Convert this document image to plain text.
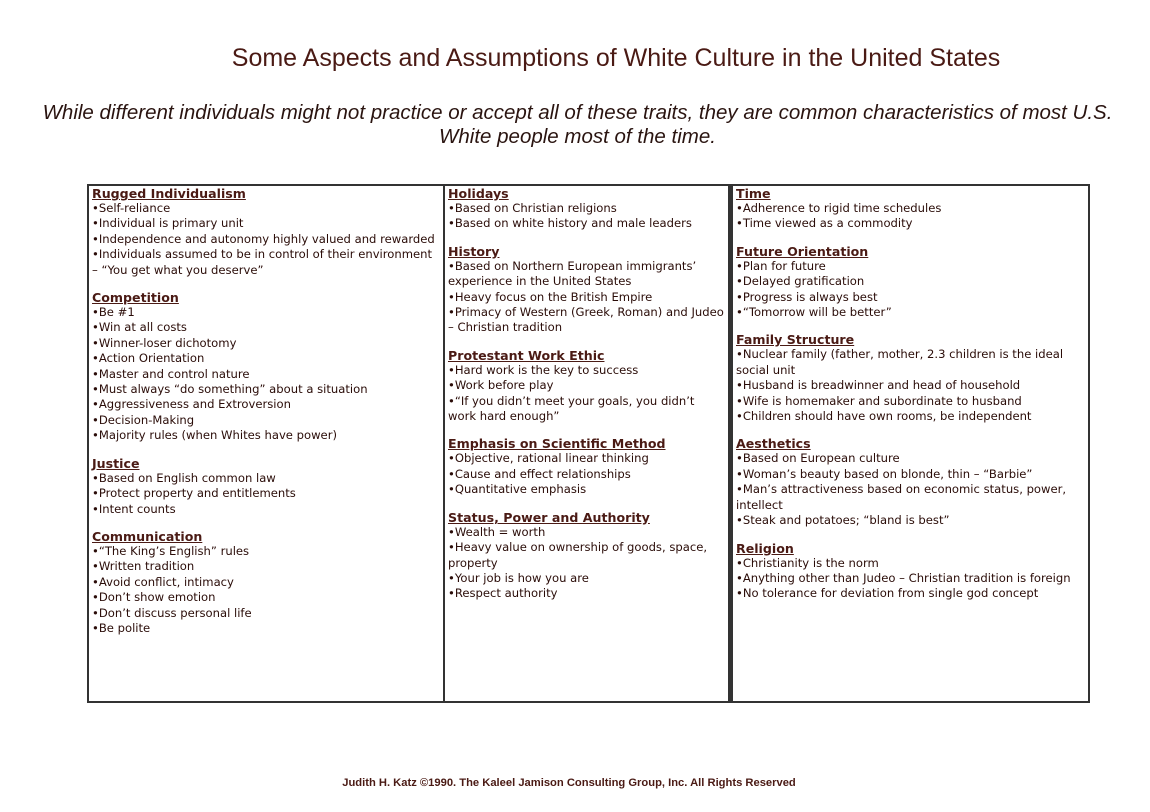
Some Aspects and Assumptions of White Culture in the United States
While different individuals might not practice or accept all of these traits, they are common characteristics of most U.S. White people most of the time.
Rugged Individualism
•Self-reliance
•Individual is primary unit
•Independence and autonomy highly valued and rewarded
•Individuals assumed to be in control of their environment – “You get what you deserve”
Competition
•Be #1
•Win at all costs
•Winner-loser dichotomy
•Action Orientation
•Master and control nature
•Must always “do something” about a situation
•Aggressiveness and Extroversion
•Decision-Making
•Majority rules (when Whites have power)
Justice
•Based on English common law
•Protect property and entitlements
•Intent counts
Communication
•“The King’s English” rules
•Written tradition
•Avoid conflict, intimacy
•Don’t show emotion
•Don’t discuss personal life
•Be polite
Holidays
•Based on Christian religions
•Based on white history and male leaders
History
•Based on Northern European immigrants’ experience in the United States
•Heavy focus on the British Empire
•Primacy of Western (Greek, Roman) and Judeo – Christian tradition
Protestant Work Ethic
•Hard work is the key to success
•Work before play
•“If you didn’t meet your goals, you didn’t work hard enough”
Emphasis on Scientific Method
•Objective, rational linear thinking
•Cause and effect relationships
•Quantitative emphasis
Status, Power and Authority
•Wealth = worth
•Heavy value on ownership of goods, space, property
•Your job is how you are
•Respect authority
Time
•Adherence to rigid time schedules
•Time viewed as a commodity
Future Orientation
•Plan for future
•Delayed gratification
•Progress is always best
•“Tomorrow will be better”
Family Structure
•Nuclear family (father, mother, 2.3 children is the ideal social unit
•Husband is breadwinner and head of household
•Wife is homemaker and subordinate to husband
•Children should have own rooms, be independent
Aesthetics
•Based on European culture
•Woman’s beauty based on blonde, thin – “Barbie”
•Man’s attractiveness based on economic status, power, intellect
•Steak and potatoes; “bland is best”
Religion
•Christianity is the norm
•Anything other than Judeo – Christian tradition is foreign
•No tolerance for deviation from single god concept
Judith H. Katz ©1990. The Kaleel Jamison Consulting Group, Inc. All Rights Reserved
